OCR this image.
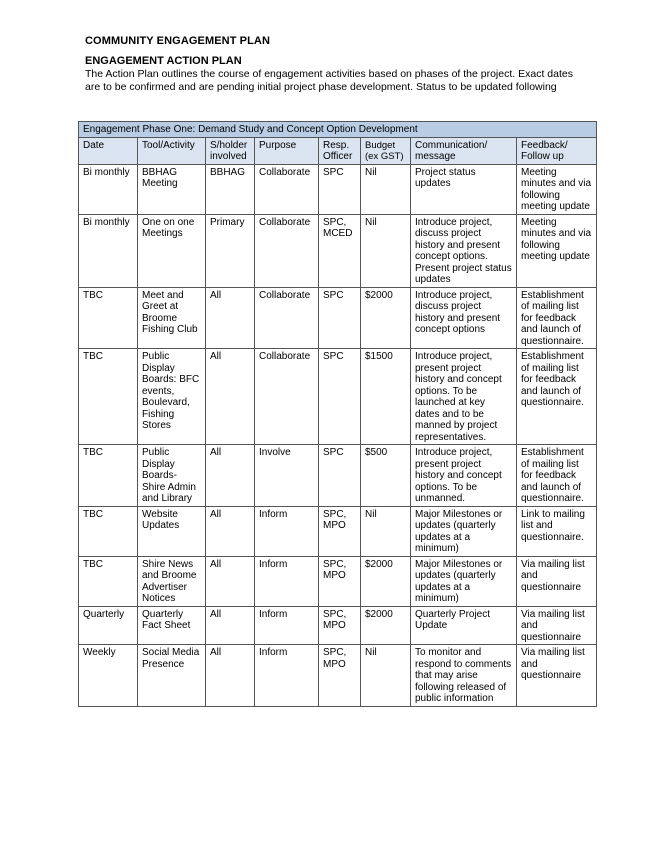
COMMUNITY ENGAGEMENT PLAN
ENGAGEMENT ACTION PLAN
The Action Plan outlines the course of engagement activities based on phases of the project. Exact dates are to be confirmed and are pending initial project phase development. Status to be updated following
Engagement Phase One: Demand Study and Concept Option Development							
Date	Tool/Activity	S/holder involved	Purpose	Resp. Officer	Budget (ex GST)	Communication/ message	Feedback/ Follow up
Bi monthly	BBHAG Meeting	BBHAG	Collaborate	SPC	Nil	Project status updates	Meeting minutes and via following meeting update
Bi monthly	One on one Meetings	Primary	Collaborate	SPC, MCED	Nil	Introduce project, discuss project history and present concept options. Present project status updates	Meeting minutes and via following meeting update
TBC	Meet and Greet at Broome Fishing Club	All	Collaborate	SPC	$2000	Introduce project, discuss project history and present concept options	Establishment of mailing list for feedback and launch of questionnaire.
TBC	Public Display Boards: BFC events, Boulevard, Fishing Stores	All	Collaborate	SPC	$1500	Introduce project, present project history and concept options. To be launched at key dates and to be manned by project representatives.	Establishment of mailing list for feedback and launch of questionnaire.
TBC	Public Display Boards- Shire Admin and Library	All	Involve	SPC	$500	Introduce project, present project history and concept options. To be unmanned.	Establishment of mailing list for feedback and launch of questionnaire.
TBC	Website Updates	All	Inform	SPC, MPO	Nil	Major Milestones or updates (quarterly updates at a minimum)	Link to mailing list and questionnaire.
TBC	Shire News and Broome Advertiser Notices	All	Inform	SPC, MPO	$2000	Major Milestones or updates (quarterly updates at a minimum)	Via mailing list and questionnaire
Quarterly	Quarterly Fact Sheet	All	Inform	SPC, MPO	$2000	Quarterly Project Update	Via mailing list and questionnaire
Weekly	Social Media Presence	All	Inform	SPC, MPO	Nil	To monitor and respond to comments that may arise following released of public information	Via mailing list and questionnaire
